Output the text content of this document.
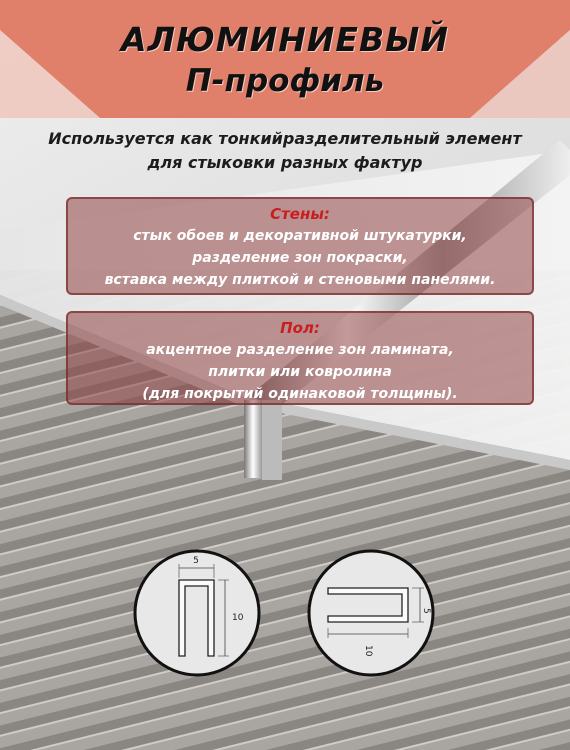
АЛЮМИНИЕВЫЙ
П-профиль
Используется как тонкийразделительный элемент
для стыковки разных фактур
Стены:
стык обоев и декоративной штукатурки,
разделение зон покраски,
вставка между плиткой и стеновыми панелями.
Пол:
акцентное разделение зон ламината,
плитки или ковролина
(для покрытий одинаковой толщины).
5
10
5
10
